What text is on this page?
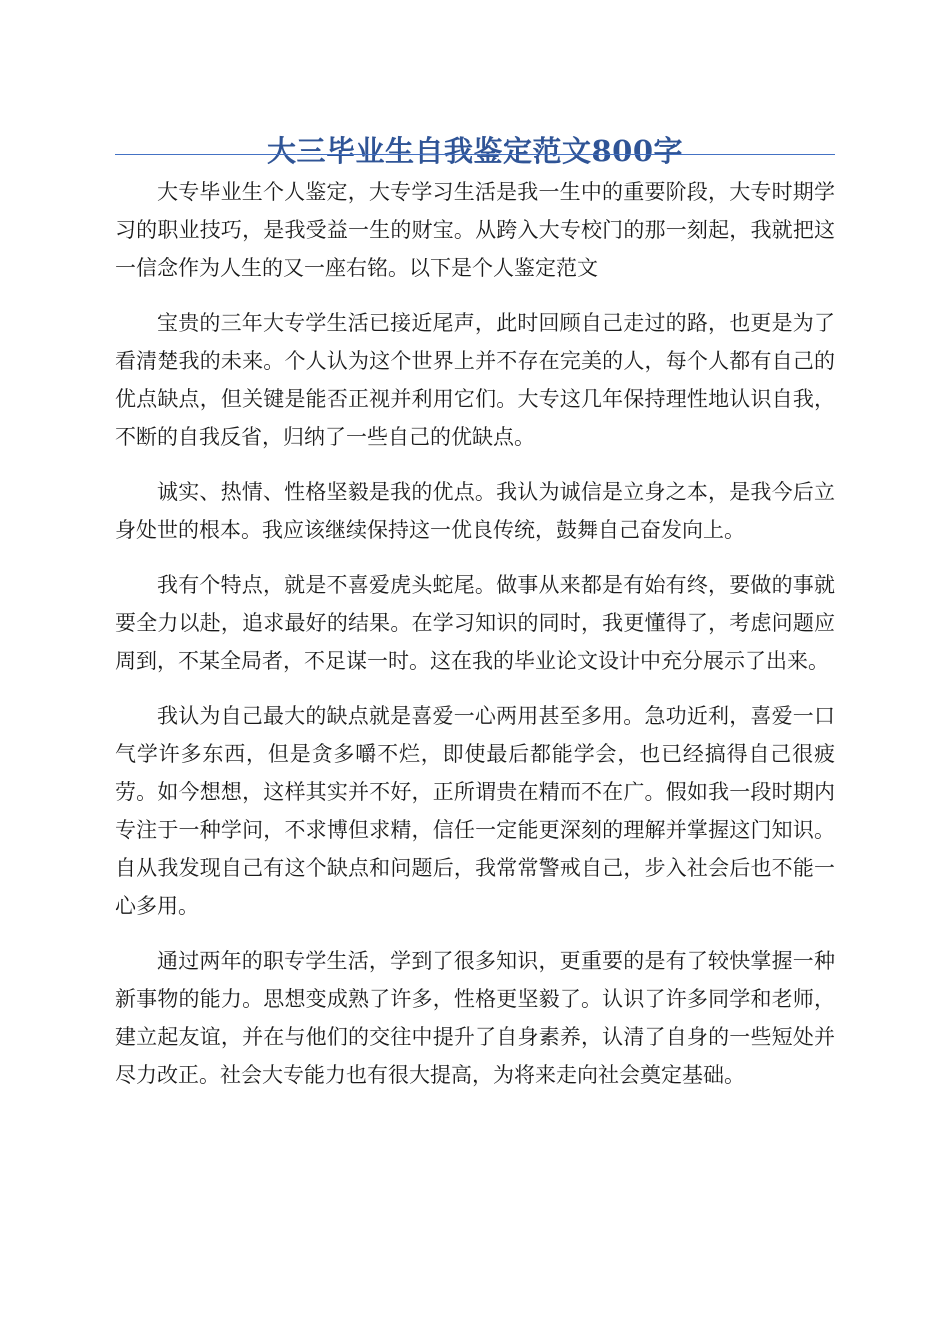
大三毕业生自我鉴定范文800字

大专毕业生个人鉴定，大专学习生活是我一生中的重要阶段，大专时期学习的职业技巧，是我受益一生的财宝。从跨入大专校门的那一刻起，我就把这一信念作为人生的又一座右铭。以下是个人鉴定范文

宝贵的三年大专学生活已接近尾声，此时回顾自己走过的路，也更是为了看清楚我的未来。个人认为这个世界上并不存在完美的人，每个人都有自己的优点缺点，但关键是能否正视并利用它们。大专这几年保持理性地认识自我，不断的自我反省，归纳了一些自己的优缺点。

诚实、热情、性格坚毅是我的优点。我认为诚信是立身之本，是我今后立身处世的根本。我应该继续保持这一优良传统，鼓舞自己奋发向上。

我有个特点，就是不喜爱虎头蛇尾。做事从来都是有始有终，要做的事就要全力以赴，追求最好的结果。在学习知识的同时，我更懂得了，考虑问题应周到，不某全局者，不足谋一时。这在我的毕业论文设计中充分展示了出来。

我认为自己最大的缺点就是喜爱一心两用甚至多用。急功近利，喜爱一口气学许多东西，但是贪多嚼不烂，即使最后都能学会，也已经搞得自己很疲劳。如今想想，这样其实并不好，正所谓贵在精而不在广。假如我一段时期内专注于一种学问，不求博但求精，信任一定能更深刻的理解并掌握这门知识。自从我发现自己有这个缺点和问题后，我常常警戒自己，步入社会后也不能一心多用。

通过两年的职专学生活，学到了很多知识，更重要的是有了较快掌握一种新事物的能力。思想变成熟了许多，性格更坚毅了。认识了许多同学和老师，建立起友谊，并在与他们的交往中提升了自身素养，认清了自身的一些短处并尽力改正。社会大专能力也有很大提高，为将来走向社会奠定基础。
